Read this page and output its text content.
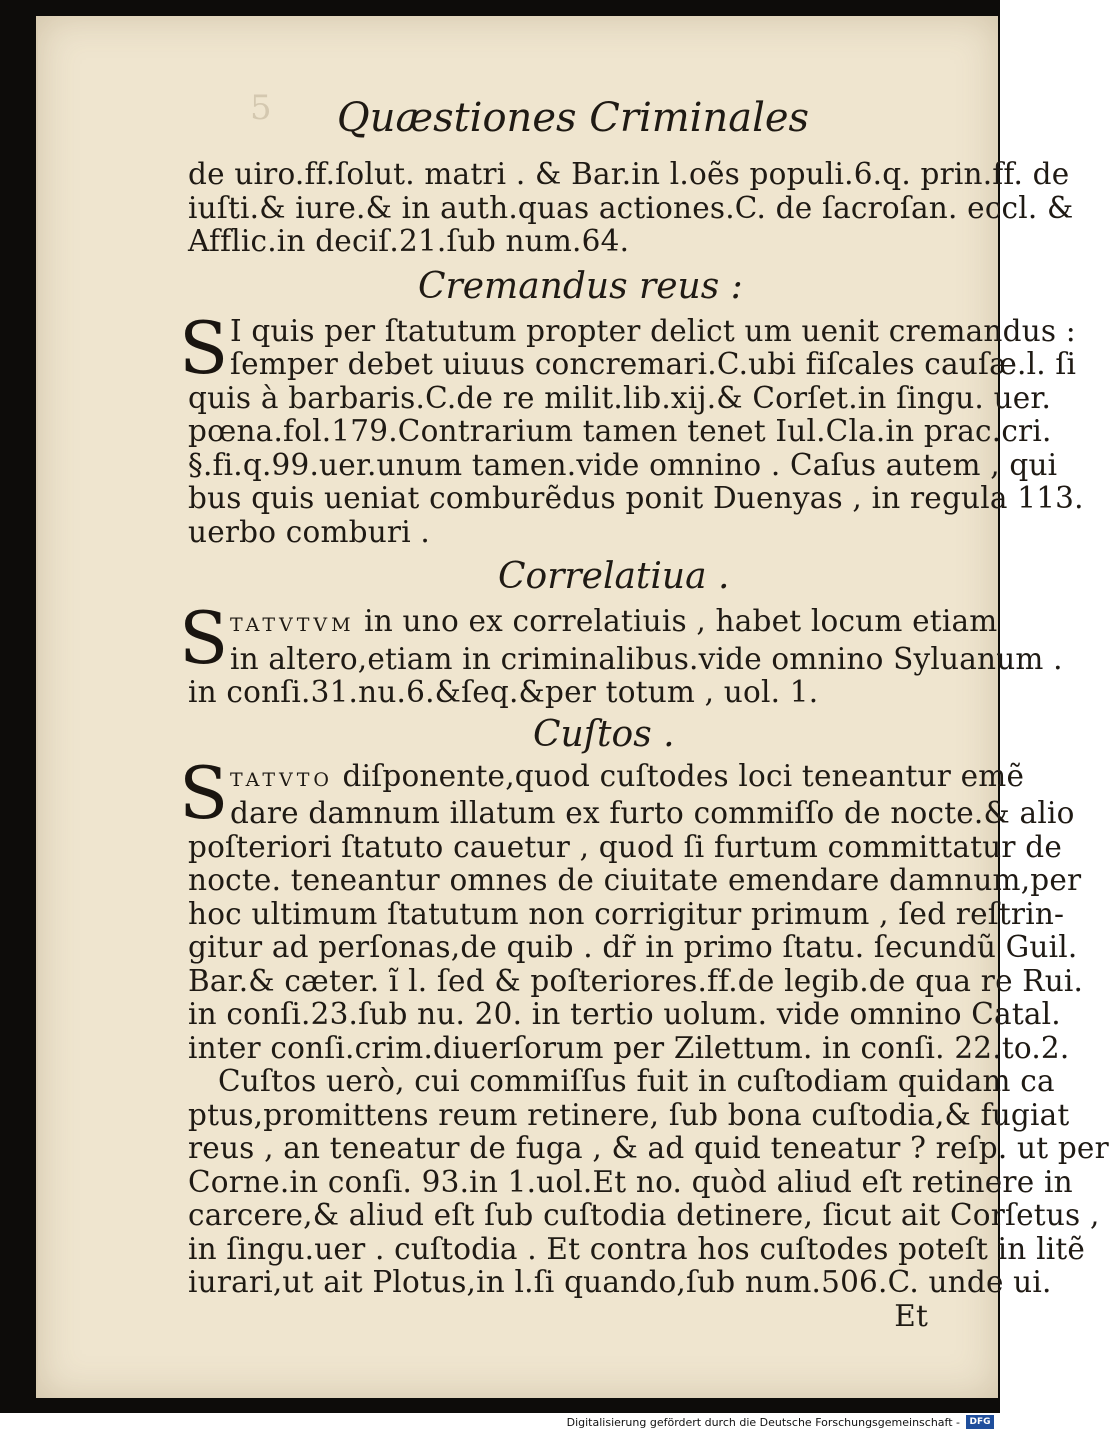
5	Quæstiones Criminales

de uiro.ff.ſolut. matri . & Bar.in l.oẽs populi.6.q. prin.ff. de

iuſti.& iure.& in auth.quas actiones.C. de ſacroſan. eccl. &

Afflic.in deciſ.21.ſub num.64.

Cremandus reus :

S I quis per ſtatutum propter delict um uenit cremandus :

ſemper debet uiuus concremari.C.ubi fiſcales cauſæ.l. ſi

quis à barbaris.C.de re milit.lib.xij.& Corſet.in ſingu. uer.

pœna.fol.179.Contrarium tamen tenet Iul.Cla.in prac.cri.

§.fi.q.99.uer.unum tamen.vide omnino . Caſus autem , qui

bus quis ueniat comburẽdus ponit Duenyas , in regula 113.

uerbo comburi .

Correlatiua .

S TATVTVM in uno ex correlatiuis , habet locum etiam

in altero,etiam in criminalibus.vide omnino Syluanum .

in conſi.31.nu.6.&ſeq.&per totum , uol. 1.

Cuſtos .

S TATVTO diſponente,quod cuſtodes loci teneantur emẽ

dare damnum illatum ex furto commiſſo de nocte.& alio

poſteriori ſtatuto cauetur , quod ſi furtum committatur de

nocte. teneantur omnes de ciuitate emendare damnum,per

hoc ultimum ſtatutum non corrigitur primum , ſed reſtrin-

gitur ad perſonas,de quib . dr̃ in primo ſtatu. ſecundũ Guil.

Bar.& cæter. ĩ l. ſed & poſteriores.ff.de legib.de qua re Rui.

in conſi.23.ſub nu. 20. in tertio uolum. vide omnino Catal.

inter conſi.crim.diuerſorum per Zilettum. in conſi. 22.to.2.

Cuſtos uerò, cui commiſſus fuit in cuſtodiam quidam ca

ptus,promittens reum retinere, ſub bona cuſtodia,& fugiat

reus , an teneatur de fuga , & ad quid teneatur ? reſp. ut per

Corne.in conſi. 93.in 1.uol.Et no. quòd aliud eſt retinere in

carcere,& aliud eſt ſub cuſtodia detinere, ſicut ait Corſetus ,

in ſingu.uer . cuſtodia . Et contra hos cuſtodes poteſt in litẽ

iurari,ut ait Plotus,in l.ſi quando,ſub num.506.C. unde ui.

Et

Digitalisierung gefördert durch die Deutsche Forschungsgemeinschaft -	DFG
